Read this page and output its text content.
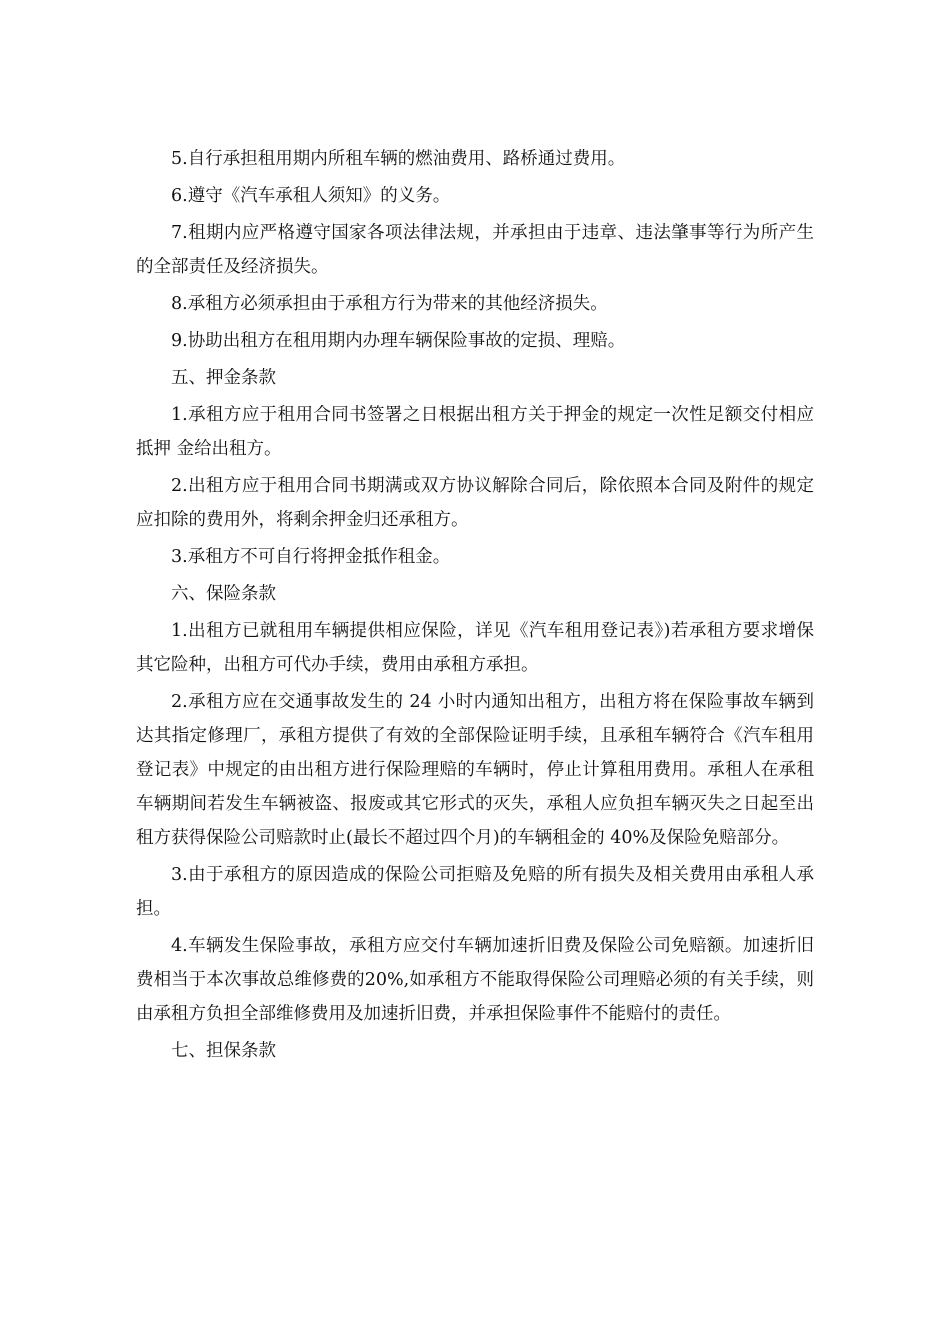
5.自行承担租用期内所租车辆的燃油费用、路桥通过费用。

6.遵守《汽车承租人须知》的义务。

7.租期内应严格遵守国家各项法律法规，并承担由于违章、违法肇事等行为所产生的全部责任及经济损失。

8.承租方必须承担由于承租方行为带来的其他经济损失。

9.协助出租方在租用期内办理车辆保险事故的定损、理赔。

五、押金条款

1.承租方应于租用合同书签署之日根据出租方关于押金的规定一次性足额交付相应抵押 金给出租方。

2.出租方应于租用合同书期满或双方协议解除合同后，除依照本合同及附件的规定应扣除的费用外，将剩余押金归还承租方。

3.承租方不可自行将押金抵作租金。

六、保险条款

1.出租方已就租用车辆提供相应保险，详见《汽车租用登记表》)若承租方要求增保其它险种，出租方可代办手续，费用由承租方承担。

2.承租方应在交通事故发生的 24 小时内通知出租方，出租方将在保险事故车辆到达其指定修理厂，承租方提供了有效的全部保险证明手续，且承租车辆符合《汽车租用登记表》中规定的由出租方进行保险理赔的车辆时，停止计算租用费用。承租人在承租车辆期间若发生车辆被盗、报废或其它形式的灭失，承租人应负担车辆灭失之日起至出租方获得保险公司赔款时止(最长不超过四个月)的车辆租金的 40%及保险免赔部分。

3.由于承租方的原因造成的保险公司拒赔及免赔的所有损失及相关费用由承租人承担。

4.车辆发生保险事故，承租方应交付车辆加速折旧费及保险公司免赔额。加速折旧费相当于本次事故总维修费的20%,如承租方不能取得保险公司理赔必须的有关手续，则由承租方负担全部维修费用及加速折旧费，并承担保险事件不能赔付的责任。

七、担保条款
